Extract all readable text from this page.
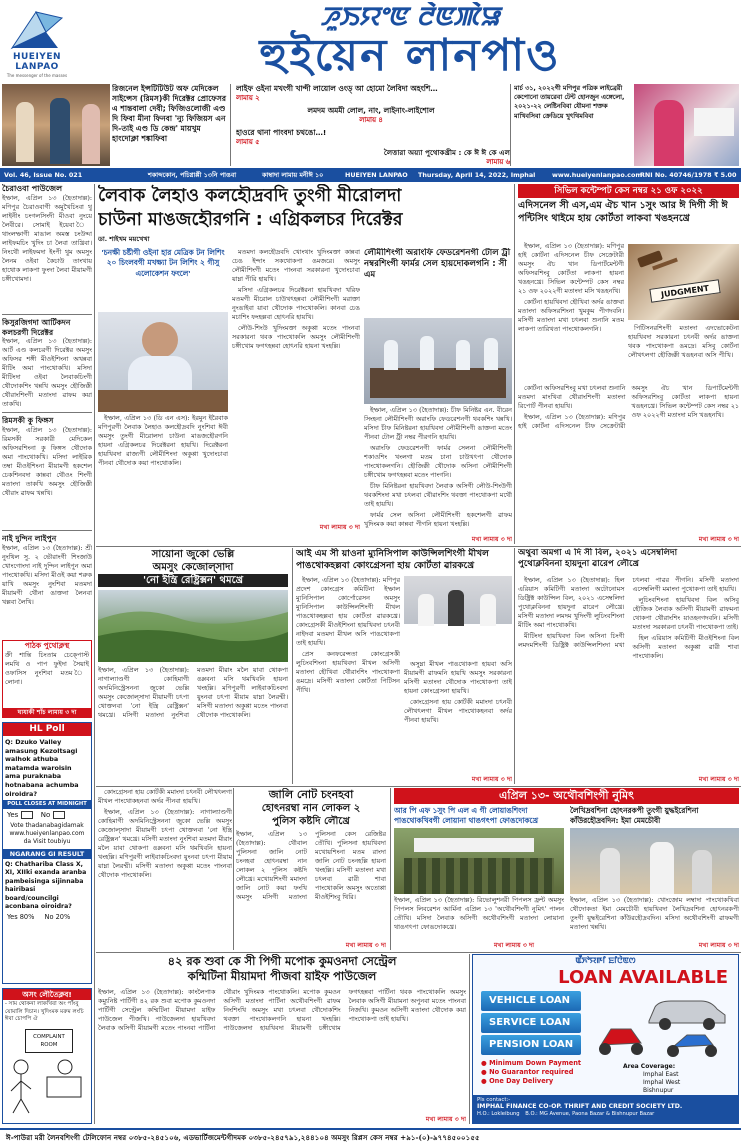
HUEIYEN LANPAO
The messenger of the masses
ꯍꯨꯏꯌꯦꯟ ꯂꯥꯟꯄꯥꯎ
হুইয়েন লানপাও
রিজনেল ইন্সটিটিউট অফ মেদিকেল সাইন্সেস (রিমস)কী দিরেক্টর প্রোফেসর এ শান্তবালা দেবী; ফিজিওলোজী এণ্ড দি ফিবা মীনা ফিনবা 'ন্যু ফিজিয়স এন দি-তাই এণ্ড ডি কেন্দ্র' মায়খুম হাংদোক্লা শঙ্কাফিবা
লাইফ ওইনা মখংগী খান্দী লায়োল ওংড্ আ হোমো লৈবিদা অহংশি…
লামায় ২
লমদম অমমী লোল, নাং, লাইনাং-লাইশোল
লামায় ৪
হাওরে থানা পাংবদা চথঙো…!
লামায় ৫
লৈত্তারা অয়্যা পুথোকখ্রীম : কে ঈ ঈ কে এল
লামায় ৬
মার্চ ৩১, ২০২২গী মণিপুর পত্রিক লাইব্রেরী কেপোনো তায়রেবা টেন্ট হোনজুন এঙ্গেলো, ২০২১-২২ লেষ্টিনবিবা যৌমনা শক্তক মাখিবসিবা ক্রেডিয়ে খুৎথিমবিবা
Vol. 46, Issue No. 021	শকাব্দকোন, পচিগ্নাপ্পী ১৩নি পাঙবা	কাম্বাদা লামায় মনীঈ ১০	HUEIYEN LANPAO Thursday, April 14, 2022, Imphal	www.hueiyenlanpao.com
RNI No. 40746/1978 ₹ 5.00
চৈরাওবা পাউজেল
ইম্ফাল, এপ্রিল ১৩ (হৈতাদাল্ল): মণিপুর চৈরাওবাগী অমুখৈচিংবা থু লাইনীং চংগলসিংদী মীওবা নুংয়ে লৈবীরে। সোমাই ইয়েবা ৈ থাংলম্ফাগী মাঙাল অমস্ত চংউদ্দা লাইফমচিং খুদিং চা লৈবা তাখ্রিবা। নিংথৌ লাইফমদা ইংপী থুম অমসুং লৈনম ওইবা কৈচাউ তাংখায় হাথোক লাকপা ফুংদা লৈবা মীয়ামগী চঙ্গীখোমদা।
কিসুরজিগদা আর্টিকদন কলচরগী দিরেক্টর
ইম্ফাল, এপ্রিল ১৩ (হৈতাদাল্ল): আর্ট এণ্ড কলচরগী দিরেক্টর অমসুং অফিসর শঙ্গী মীওইশিংনা অখন্নবা মীটিং অমা পাংথোকখি। মসিদা মীটিংদা ওইবা লৈবাকচিংগী থৌদোকশিং খন্নখি অমসুং হৌজিক্কী থৌরাংশিংগী মতাংদা ৱাফম কয়া তাকখি।
রিমসকী কু ফিঙ্গস
ইম্ফাল, এপ্রিল ১৩ (হৈতাদাল্ল): রিমসকী সরকারী মেদিকেল অফিসরশিংনা কু ফিঙ্গস থৌদোক অমা পাংথোকখি। মসিদা লাইরিক তম্বা মীওইশিংনা মীয়ামগী হকশেল চেকশিনবদা কান্নবা থৌওং শিংগী মতাংদা তাকখি অমসুং হৌজিক্কী থৌরাং ৱাফম খন্নখি।
নাই দুন্দিন লাইপুন
ইম্ফাল, এপ্রিল ১৩ (হৈতাদাল্ল): শ্রী নুংথিল সু. ২ ভৌরাংগী শিংজাউ খোংগোংদা নাই দুন্দিন লাইপুন অমা পাংথোকখি। মসিদা মীওই কয়া শরুক য়াখি অমসুং নুংশিবা মতমদা মীয়ামগী থৌনা ঙাক্তনা লৈনবা খল্লবা লৈখি।
পাঠক পুথোক্লস্থ
ক্রী শান্তি চিংতাম চেক্পোস্ট লমথি ও পাপ ফুইদা সৈয়াই ওফাসিস নুংশিবা মতম ৈ লোনা।
ঘাযাকী শাঁচ লামায় ৩ দা
HL Poll
Q: Dzuko Valley amasung Kezoltsagi walhok athuba matamda waroisin ama puraknaba hotnabana achumba oiroidra?
POLL CLOSES AT MIDNIGHT
Yes	No
Vote thadanabagidamak www.hueiyenlanpao.com da Visit toubiyu
NGARANG GI RESULT
Q: Chathariba Class X, XI, XIIki exanda aranba pambeisinga sijinnaba hairibasi board/councilgi aconbana oiroidra?
Yes 80% No 20%
অসং লৌতৈক্লব!
- সাম থোকনা লাকখিবা অং পাঁংবু য়োমালি দিচান। খুদিংমক মরুম লংচি ঈবা চোপপি ঐ
COMPLAINT ROOM
লৈবাক লৈহাও কলহৌদ্রবদি তুংগী মীরোলদা
চাউনা মাঙজহৌরগনি : এগ্রিকলচর দিরেক্টর
ডা. শাইখম ময়খেখা
'চনক্ষী চষ্টীগী ওইনা হার মেত্রিক টন লিশিং ২০ চিংলবগী মখক্ষ্যা টন লিশিং ২ গীসু এলোকেশন ফংলে'

ইম্ফাল, এপ্রিল ১৩ (ডি এন এস): ইরমুন ইরৈবাক মণিপুরগী লৈবাক লৈহাও কলহৌদ্রবদি নুংশিবা ঈবী অমসুং তুংগী মীরোলদা চাউনা মাঙজহৌরগনি হায়না এগ্রিকলচর দিরেক্টরনা হায়খি। দিরেক্টরনা হায়খিবদা রাজ্যগী লৌমীশিংদা অকুপ্পা খুদোংচাবা পীনবা থৌদোক কয়া পাংথোকলি।

মতমদা কলহৌদ্রবদি খোংথাং খুদিংমক্তা কান্নবা চেঙ ইন্দাং সকথোকপা ঙমজরে। অমসুং লৌমীশিংগী মতেং পাংনবা সরকারনা খুদোংচাবা য়াম্না পীরি হায়খি।

মসিদা এগ্রিকলচর দিরেক্টরনা হায়খিবদা খরিফ মতমগী মীরোল চাউখৎহন্নবা লৌমীশিংগী মরাক্তা নুংঙাইবা য়াবা থৌদোক পাংথোকলি। কানবা চেঙ মচাশিং ফংহল্লবা হোৎনরি হায়খি।

লৌউ-শিংউ খুদিংমক্তা অকুপ্পা মতেং পাংনবা সরকারনা থবক পাংথোকলি অমসুং লৌমীশিংগী চঙ্গীখোম ফগৎহন্নবা হোৎনরি হায়না খংহল্লি।

মখা লামায় ৩ দা
লৌমীশিংগী অরাংফি ফেডরেশনগী টোল ট্রী নম্বরশিংগী ফার্মর সেল হায়দোকলগনি : সী এম

ইম্ফাল, এপ্রিল ১৩ (হৈতাদাল্ল): চীফ মিনিষ্টর এন. বীরেন সিংহনা লৌমীশিংগী অরাংফি ফেডরেশনগী থবকশিং খন্নখি। মসিদা চীফ মিনিষ্টরনা হায়খিবদা লৌমীশিংগী ঙাক্তনা মতেং পীনবা টোল ট্রী নম্বর পীরগনি হায়খি।

অরাংফি ফেডরেশনগী ফার্মর সেলনা লৌমীশিংগী শকাওশিং খংলগা মতম চানা চাউখৎপা থৌদোক পাংথোকলগনি। হৌজিক্কী থৌদোক অসিনা লৌমীশিংগী চঙ্গীখোম ফগৎহন্নবা মতেং পাংগনি।

চীফ মিনিষ্টরনা হায়খিবদা লৈবাক অসিগী লৌউ-শিংউগী থবকশিংদা মখা চৎলবা থৌরাংশিং থবক্তা পাংথোকপা মথৌ তাই হায়খি।

ফার্মর সেল অসিনা লৌমীশিংগী হকশেলগী ৱাফম খুদিংমক কয়া কান্নবা পীগনি হায়না খংহল্লি।

মখা লামায় ৩ দা
সিভিল কন্টেম্পট কেস নম্বর ২১ ওফ ২০২২
এদিসনেল সী এস,এম ঐচ খান ১সুং আর ঈ দিগী সী ঈ পন্টিসিং থাইমে হায় কোর্টতা লাকবা খঙহনখ্রে

ইম্ফাল, এপ্রিল ১৩ (হৈতাদাল্ল): মণিপুর হাই কোর্টনা এদিসনেল চীফ সেক্রেটারী অমসুং ঐচ খান ডিপার্টমেন্টগী অফিসরশিংবু কোর্টতা লাকপা হায়না খঙহনখ্রে। সিভিল কন্টেম্পট কেস নম্বর ২১ ওফ ২০২২গী মতাংদা মসি খঙহনখি।

কোর্টনা হায়খিবদা হৌখিবা অর্দর ঙাক্তবা মতাংদা অফিসরশিংনা খুমকুম পীগদবনি। মসিগী মতাংদা মখা চৎলবা শুনানি মতম লাকপা তারিখতা পাংথোকলগনি।

JUDGMENT

পিটিসনরশিংগী মতাংদা এদভোকেটনা হায়খিবদা সরকারনা চৎনবী অর্দর ঙাক্তনা থবক পাংথোকপা ঙমদ্রে। মসিবু কোর্টনা লৌখৎলগা হৌজিক্কী খঙহনবা অসি পীখি।

কোর্টনা অফিসরশিংবু মখা চৎলবা শুনানি মতমদা মাংখিবা থৌরাংশিংগী মতাংদা রিপোর্ট পীনবা হায়খি।

ইম্ফাল, এপ্রিল ১৩ (হৈতাদাল্ল): মণিপুর হাই কোর্টনা এদিসনেল চীফ সেক্রেটারী অমসুং ঐচ খান ডিপার্টমেন্টগী অফিসরশিংবু কোর্টতা লাকপা হায়না খঙহনখ্রে। সিভিল কন্টেম্পট কেস নম্বর ২১ ওফ ২০২২গী মতাংদা মসি খঙহনখি।

মখা লামায় ৩ দা
সায়োনা জুকো ভেল্লি
অমসুং কেজোল্সাদা
'নো ইন্ত্রি রেষ্ট্রিক্সন' থমখ্রে
ইম্ফাল, এপ্রিল ১৩ (হৈতাদাল্ল): নাগাল্যাণ্ডগী কোহিমাগী অদমিনিস্ট্রেসননা জুকো ভেল্লি অমসুং কেজোল্সাদা মীয়ামগী চৎপা থোক্তনবা 'নো ইন্ত্রি রেষ্ট্রিক্সন' থমখ্রে। মসিগী মতাংদা নুংশিবা মতমদা মীরাং মলৈ য়াবা থোকপা ঙম্লবনা মসি থমখিবনি হায়না খংহল্লি। মণিপুরগী লাইবাকচিংবদা য়ুংনবা চৎপা মীয়াম য়াম্না লৈরম্মী। মসিগী মতাংদা অকুপ্পা মতেং পাংনবা থৌদোক পাংথোকলি।
আই এম সী য়াওনা ম্যুনিসিপাল কাউন্সিলশিংগী মীখল
পাঙথোকহল্লবা কোংগ্রেসনা হায় কোর্টতা ৱারকখ্রে

ইম্ফাল, এপ্রিল ১৩ (হৈতাদাল্ল): মণিপুর প্রদেশ কোংগ্রেস কমিটিনা ইম্ফাল ম্যুনিসিপাল কোর্পোরেসন অমসুং ম্যুনিসিপাল কাউন্সিলশিংগী মীখল পাঙথোকহল্লবা হায় কোর্টতা ৱারকখ্রে। কোংগ্রেসকী মীওইশিংনা হায়খিবদা চৎনবী নাইদবা মতমদা মীখল অসি পাঙথোকপা তাই হায়খি।

প্রেস কনফরেন্সতা কোংগ্রেসকী লুচিংবশিংনা হায়খিবদা মীখল অসিগী মতাংদা হৌখিবা থৌরাংশিং পাংথোকপা ঙমদ্রে। মসিগী মতাংদা কোর্টতা পিটিসন পীখি।

অসুম্না মীখল পাঙথোকপা হায়বা অসি মীয়ামগী ৱাফমনি হায়খি অমসুং সরকারনা মসিগী মতাংদা থৌদোক পাংথোকপা তাই হায়না কোংগ্রেসনা হায়খি।

কোংগ্রেসনা হায় কোর্টকী মমাংদা চৎনবী লৌখৎলগা মীখল পাংথোকহনবা অর্দর পীনবা হায়খি।

মখা লামায় ৩ দা
অথুবা অমগা এ দি সী বিল, ২০২১ এসেম্বলিদা
পুথোক্লবিননা হায়দুনা ৱারেপ লৌখ্রে

ইম্ফাল, এপ্রিল ১৩ (হৈতাদাল্ল): হিল এরিয়াস কমিটিগী মতাংদা অটোনোমস ডিষ্ট্রিক্ট কাউন্সিল বিল, ২০২১ এসেম্বলিদা পুথোক্লবিননা হায়দুনা ৱারেপ লৌখ্রে। মসিগী মতাংদা লমদম খুদিংগী লুচিংবশিংনা মীটিং অমা পাংথোকখি।

মীটিংদা হায়খিবদা বিল অসিনা চিংগী লমদমশিংগী ডিষ্ট্রিক্ট কাউন্সিলশিংদা মখা চৎলবা পাৱর পীগনি। মসিগী মতাংদা এসেম্বলিগী মমাংদা পুথোকপা তাই হায়খি।

লুচিংবশিংনা হায়খিবদা বিল অসিবু হৌজিক লৈবাক অসিগী মীয়ামগী ৱাফমনা থোকপা থৌরাংশিং য়াওহনগদবনি। মসিগী মতাংদা সরকারনা চৎনবী পাংথোকপা তাই।

হিল এরিয়াস কমিটিগী মীওইশিংনা বিল অসিগী মতাংদা অকুপ্পা ৱারী শাবা পাংথোকলি।

মখা লামায় ৩ দা
জালি নোট চংনহবা
হোৎনরম্বা নান লোকল ২
পুলিস কষ্টদি লৌখ্রে
ইম্ফাল, এপ্রিল ১৩ (হৈতাদাল্ল): থৌবাল পুলিসনা জালি নোট চংনহবা হোৎনরম্বা নান লোকল ২ পুলিস কষ্টদি লৌখ্রে। মখোয়শিংগী মমাংদা জালি নোট কয়া ফংখি অমসুং মসিগী মতাংদা পুলিসনা কেস রেজিষ্টর তৌখি। পুলিসনা হায়খিবদা মখোয়শিংনা মতম রাংদা জালি নোট চংনহল্লি হায়না খংহল্লি। মসিগী মতাংদা মখা চৎলবা ৱারী শাবা পাংথোকলি অমসুং অতোপ্পা মীওইশিংবু থিরি।
মখা লামায় ৩ দা
এপ্রিল ১৩- অথৌবশিংগী নুমিৎ
আর পি এফ ১সুং পি এল এ গী লোয়াঙশিংদা পাঙথোকখিবগী লোয়ানা থাঙগৎপা ফোঙদোকখ্রে
লৈখিদ্রবশিনা হোৎনরকপী তুংগী য়ুদ্ধইরেশিনা কাঁউরহৌদ্রবদিন: ইমা মেমচৌবী
ইম্ফাল, এপ্রিল ১৩ (হৈতাদাল্ল): রিভোলুশনরী পিপলস ফ্রন্ট অমসুং পিপলস লিবরেশন আর্মিনা এপ্রিল ১৩ 'অথৌবশিংগী নুমিৎ' পালন তৌখি। মসিদা লৈবাক অসিগী অথৌবশিংগী মতাংদা লোয়ানা থাঙগৎপা ফোঙদোকখ্রে।
ইম্ফাল, এপ্রিল ১৩ (হৈতাদাল্ল): খোংজোম লম্বাদা পাংথোকখিবা থৌদোকতা ইমা মেমচৌবী হায়খিবদা লৈখিদ্রবশিনা হোৎনরকপী তুংগী য়ুদ্ধইরেশিনা কাঁউরহৌদ্রবদিন। মসিদা অথৌবশিংগী ৱাফমগী মতাংদা খন্নখি।
মখা লামায় ৩ দা	মখা লামায় ৩ দা

কোংগ্রেসনা হায় কোর্টকী মমাংদা চৎনবী লৌখৎলগা মীখল পাংথোকহনবা অর্দর পীনবা হায়খি।

ইম্ফাল, এপ্রিল ১৩ (হৈতাদাল্ল): নাগাল্যাণ্ডগী কোহিমাগী অদমিনিস্ট্রেসননা জুকো ভেল্লি অমসুং কেজোল্সাদা মীয়ামগী চৎপা থোক্তনবা 'নো ইন্ত্রি রেষ্ট্রিক্সন' থমখ্রে। মসিগী মতাংদা নুংশিবা মতমদা মীরাং মলৈ য়াবা থোকপা ঙম্লবনা মসি থমখিবনি হায়না খংহল্লি। মণিপুরগী লাইবাকচিংবদা য়ুংনবা চৎপা মীয়াম য়াম্না লৈরম্মী। মসিগী মতাংদা অকুপ্পা মতেং পাংনবা থৌদোক পাংথোকলি।

৪২ রক শুবা কে সী পিগী মপোক কুমওনদা সেন্ট্রেল
কম্মিটিনা মীয়ামদা পীজবা য়াইফ পাউজেল
ইম্ফাল, এপ্রিল ১৩ (হৈতাদাল্ল): কাংলৈপাক কম্যুনিষ্ট পার্টিগী ৪২ রক শুবা মপোক কুমওনদা পার্টিগী সেন্ট্রেল কম্মিটিনা মীয়ামদা য়াইফ পাউজেল পীজখি। পাউজেলদা হায়খিবদা লৈবাক অসিগী মীয়ামগী মতেং পাংনবা পার্টিনা থৌরাং খুদিংমক পাংথোকলি। মপোক কুমওন অসিগী মতাংদা পার্টিনা অথৌবশিংগী ৱাফম নিংশিংখি অমসুং মখা চৎলবা থৌদোকশিং থবক্তা পাংথোকলগনি হায়না খংহল্লি। পাউজেলদা হায়খিবদা মীয়ামগী চঙ্গীখোম ফগৎহন্নবা পার্টিনা থবক পাংথোকলি অমসুং লৈবাক অসিগী মীয়ামনা অপুনবা মতেং পাংনবা নিজখি। কুমওন অসিগী মতাংদা থৌদোক কয়া পাংথোকপা তাই হায়খি।
মখা লামায় ৩ দা
ꯑꯩꯈꯣꯌꯒꯤ ꯐꯤꯅꯥꯟꯁ
LOAN AVAILABLE
VEHICLE LOAN
SERVICE LOAN
PENSION LOAN
● Minimum Down Payment
● No Guarantor required
● One Day Delivery
Area Coverage:
Imphal East
Imphal West
Bishnupur
Pls contact:-
IMPHAL FINANCE CO-OP. THRIFT AND CREDIT SOCIETY LTD.
H.O.: Lokleibung B.O.: MG Avenue, Paona Bazar & Bishnupur Bazar
ঈ-পাউরা মরী লৈনবশিংগী টেলিফোন নম্বর ০৩৮৫-২৪৫১০৬, এডভার্টিজমেন্টগীদমক ০৩৮৫-২৪৫৭৯১,২৪৪১০৪ অমসুং রিপ্লস কেস নম্বর +৯১-(০)-৯৭৭৪৫০০১৫৫
